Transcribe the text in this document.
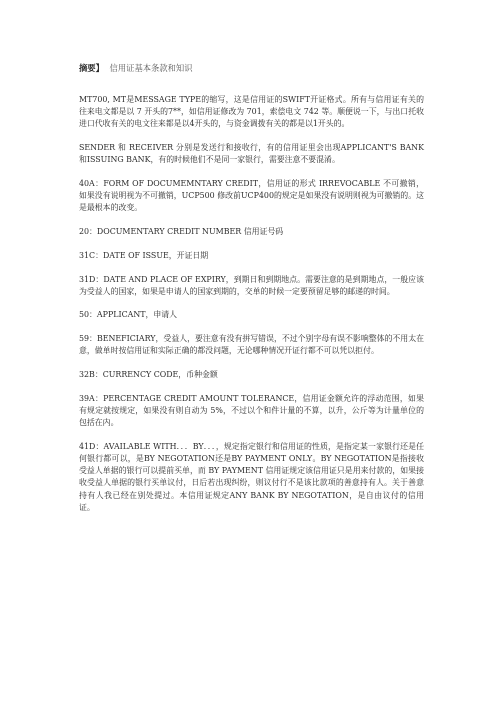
摘要】 信用证基本条款和知识

MT700, MT是MESSAGE TYPE的缩写，这是信用证的SWIFT开证格式。所有与信用证有关的往来电文都是以 7 开头的7**，如信用证修改为 701，索偿电文 742 等。顺便说一下，与出口托收进口代收有关的电文往来都是以4开头的，与资金调拨有关的都是以1开头的。

SENDER 和 RECEIVER 分别是发送行和接收行，有的信用证里会出现APPLICANT'S BANK 和ISSUING BANK，有的时候他们不是同一家银行，需要注意不要混淆。

40A：FORM OF DOCUMEMNTARY CREDIT，信用证的形式 IRREVOCABLE 不可撤销，如果没有说明视为不可撤销，UCP500 修改前UCP400的规定是如果没有说明则视为可撤销的。这是最根本的改变。

20：DOCUMENTARY CREDIT NUMBER 信用证号码

31C：DATE OF ISSUE，开证日期

31D：DATE AND PLACE OF EXPIRY，到期日和到期地点。需要注意的是到期地点，一般应该为受益人的国家，如果是申请人的国家到期的，交单的时候一定要预留足够的邮递的时间。

50：APPLICANT，申请人

59：BENEFICIARY，受益人，要注意有没有拼写错误，不过个别字母有误不影响整体的不用太在意，做单时按信用证和实际正确的都没问题，无论哪种情况开证行都不可以凭以拒付。

32B：CURRENCY CODE，币种金额

39A：PERCENTAGE CREDIT AMOUNT TOLERANCE，信用证金额允许的浮动范围，如果有规定就按规定，如果没有则自动为 5%，不过以个和件计量的不算，以升，公斤等为计量单位的包括在内。

41D：AVAILABLE WITH．．．BY．．．，规定指定银行和信用证的性质，是指定某一家银行还是任何银行都可以，是BY NEGOTATION还是BY PAYMENT ONLY。BY NEGOTATION是指接收受益人单据的银行可以提前买单，而 BY PAYMENT 信用证规定该信用证只是用来付款的，如果接收受益人单据的银行买单议付，日后若出现纠纷，则议付行不是该比款项的善意持有人。关于善意持有人我已经在别处提过。本信用证规定ANY BANK BY NEGOTATION，是自由议付的信用证。
